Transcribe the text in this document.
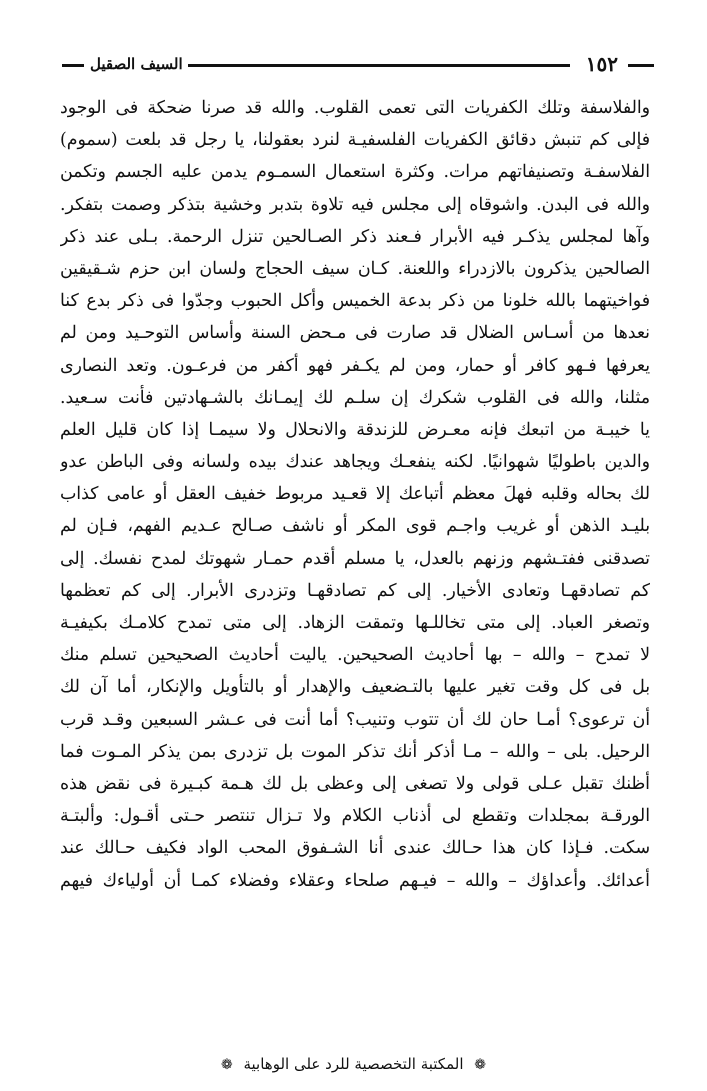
١٥٢
السيف الصقيل
والفلاسفة وتلك الكفريات التى تعمى القلوب. والله قد صرنا ضحكة فى الوجود
فإلى كم تنبش دقائق الكفريات الفلسفيـة لنرد بعقولنا، يا رجل قد بلعت (سموم)
الفلاسفـة وتصنيفاتهم مرات. وكثرة استعمال السمـوم يدمن عليه الجسم وتكمن
والله فى البدن. واشوقاه إلى مجلس فيه تلاوة بتدبر وخشية بتذكر وصمت بتفكر.
وآها لمجلس يذكـر فيه الأبرار فـعند ذكر الصـالحين تنزل الرحمة. بـلى عند ذكر
الصالحين يذكرون بالازدراء واللعنة. كـان سيف الحجاج ولسان ابن حزم شـقيقين
فواخيتهما بالله خلونا من ذكر بدعة الخميس وأكل الحبوب وجدّوا فى ذكر بدع كنا
نعدها من أسـاس الضلال قد صارت فى مـحض السنة وأساس التوحـيد ومن لم
يعرفها فـهو كافر أو حمار، ومن لم يكـفر فهو أكفر من فرعـون. وتعد النصارى
مثلنا، والله فى القلوب شكرك إن سلـم لك إيمـانك بالشـهادتين فأنت سـعيد.
يا خيبـة من اتبعك فإنه معـرض للزندقة والانحلال ولا سيمـا إذا كان قليل العلم
والدين باطوليًا شهوانيًا. لكنه ينفعـك ويجاهد عندك بيده ولسانه وفى الباطن عدو
لك بحاله وقلبه فهلَ معظم أتباعك إلا قعـيد مربوط خفيف العقل أو عامى كذاب
بليـد الذهن أو غريب واجـم قوى المكر أو ناشف صـالح عـديم الفهم، فـإن لم
تصدقنى ففتـشهم وزنهم بالعدل، يا مسلم أقدم حمـار شهوتك لمدح نفسك. إلى
كم تصادقهـا وتعادى الأخيار. إلى كم تصادقهـا وتزدرى الأبرار. إلى كم تعظمها
وتصغر العباد. إلى متى تخاللـها وتمقت الزهاد. إلى متى تمدح كلامـك بكيفيـة
لا تمدح – والله – بها أحاديث الصحيحين. ياليت أحاديث الصحيحين تسلم منك
بل فى كل وقت تغير عليها بالتـضعيف والإهدار أو بالتأويل والإنكار، أما آن لك
أن ترعوى؟ أمـا حان لك أن تتوب وتنيب؟ أما أنت فى عـشر السبعين وقـد قرب
الرحيل. بلى – والله – مـا أذكر أنك تذكر الموت بل تزدرى بمن يذكر المـوت فما
أظنك تقبل عـلى قولى ولا تصغى إلى وعظى بل لك هـمة كبـيرة فى نقض هذه
الورقـة بمجلدات وتقطع لى أذناب الكلام ولا تـزال تنتصر حـتى أقـول: وألبتـة
سكت. فـإذا كان هذا حـالك عندى أنا الشـفوق المحب الواد فكيف حـالك عند
أعدائك. وأعداؤك – والله – فيـهم صلحاء وعقلاء وفضلاء كمـا أن أولياءك فيهم
❁ المكتبة التخصصية للرد على الوهابية ❁
